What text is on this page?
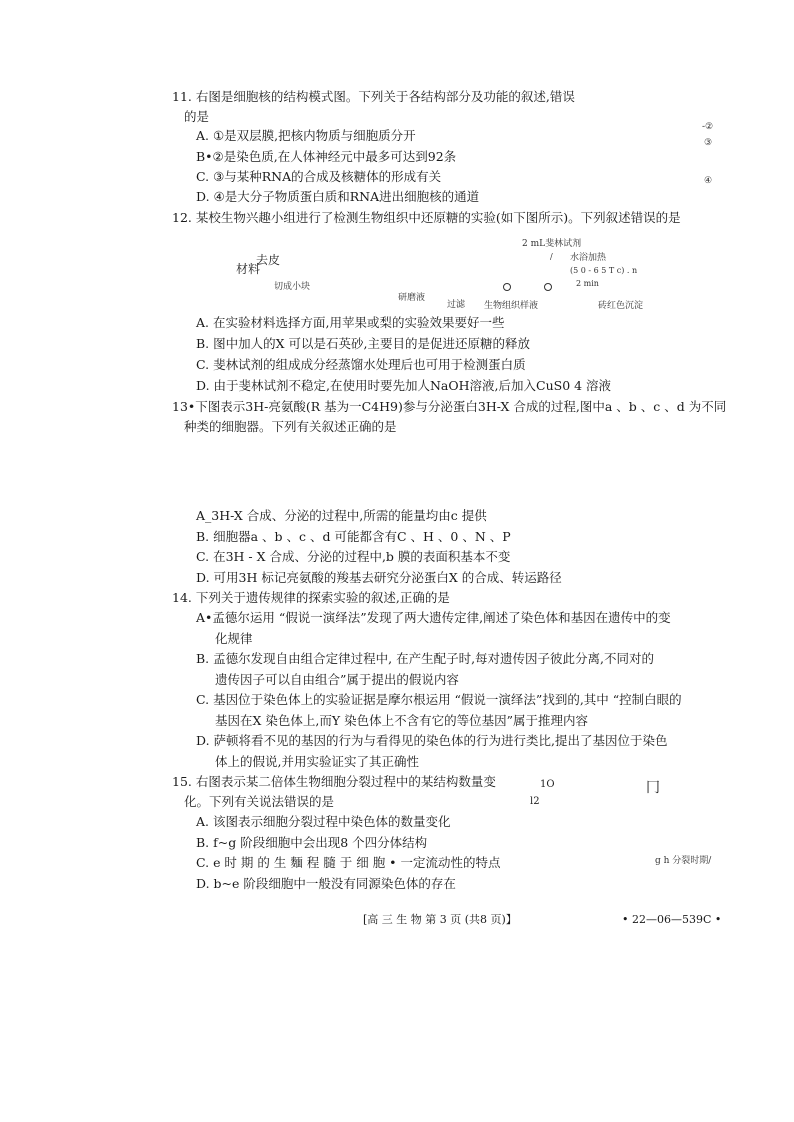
11. 右图是细胞核的结构模式图。下列关于各结构部分及功能的叙述,错误
的是
A. ①是双层膜,把核内物质与细胞质分开
B•②是染色质,在人体神经元中最多可达到92条
C. ③与某种RNA的合成及核糖体的形成有关
D. ④是大分子物质蛋白质和RNA进出细胞核的通道
-②
③
④
12. 某校生物兴趣小组进行了检测生物组织中还原糖的实验(如下图所示)。下列叙述错误的是
2 mL斐林试剂
/ 水浴加热
材料
去皮
(5 0 - 6 5 T c) . n
2 min
切成小块
研磨液
过滤 生物组织样液	砖红色沉淀
A. 在实验材料选择方面,用苹果或梨的实验效果要好一些
B. 图中加人的X 可以是石英砂,主要目的是促进还原糖的释放
C. 斐林试剂的组成成分经蒸馏水处理后也可用于检测蛋白质
D. 由于斐林试剂不稳定,在使用时要先加人NaOH溶液,后加入CuS0 4 溶液
13•下图表示3H-亮氨酸(R 基为一C4H9)参与分泌蛋白3H-X 合成的过程,图中a 、b 、c 、d 为不同
种类的细胞器。下列有关叙述正确的是
A_3H-X 合成、分泌的过程中,所需的能量均由c 提供
B. 细胞器a 、b 、c 、d 可能都含有C 、H 、0 、N 、P
C. 在3H - X 合成、分泌的过程中,b 膜的表面积基本不变
D. 可用3H 标记亮氨酸的羧基去研究分泌蛋白X 的合成、转运路径
14. 下列关于遗传规律的探索实验的叙述,正确的是
A•孟德尔运用 “假说一演绎法”发现了两大遗传定律,阐述了染色体和基因在遗传中的变
化规律
B. 孟德尔发现自由组合定律过程中, 在产生配子时,每对遗传因子彼此分离,不同对的
遗传因子可以自由组合”属于提出的假说内容
C. 基因位于染色体上的实验证据是摩尔根运用 “假说一演绎法”找到的,其中 “控制白眼的
基因在X 染色体上,而Y 染色体上不含有它的等位基因”属于推理内容
D. 萨顿将看不见的基因的行为与看得见的染色体的行为进行类比,提出了基因位于染色
体上的假说,并用实验证实了其正确性
15. 右图表示某二倍体生物细胞分裂过程中的某结构数量变
化。下列有关说法错误的是
1O
l2
冂
A. 该图表示细胞分裂过程中染色体的数量变化
B. f~g 阶段细胞中会出现8 个四分体结构
C. e 时 期 的 生 麵 程 膸 于 细 胞 • 一定流动性的特点	g h 分裂时期/
D. b~e 阶段细胞中一般没有同源染色体的存在
[高 三 生 物 第 3 页 (共8 页)】	• 22—06—539C •
